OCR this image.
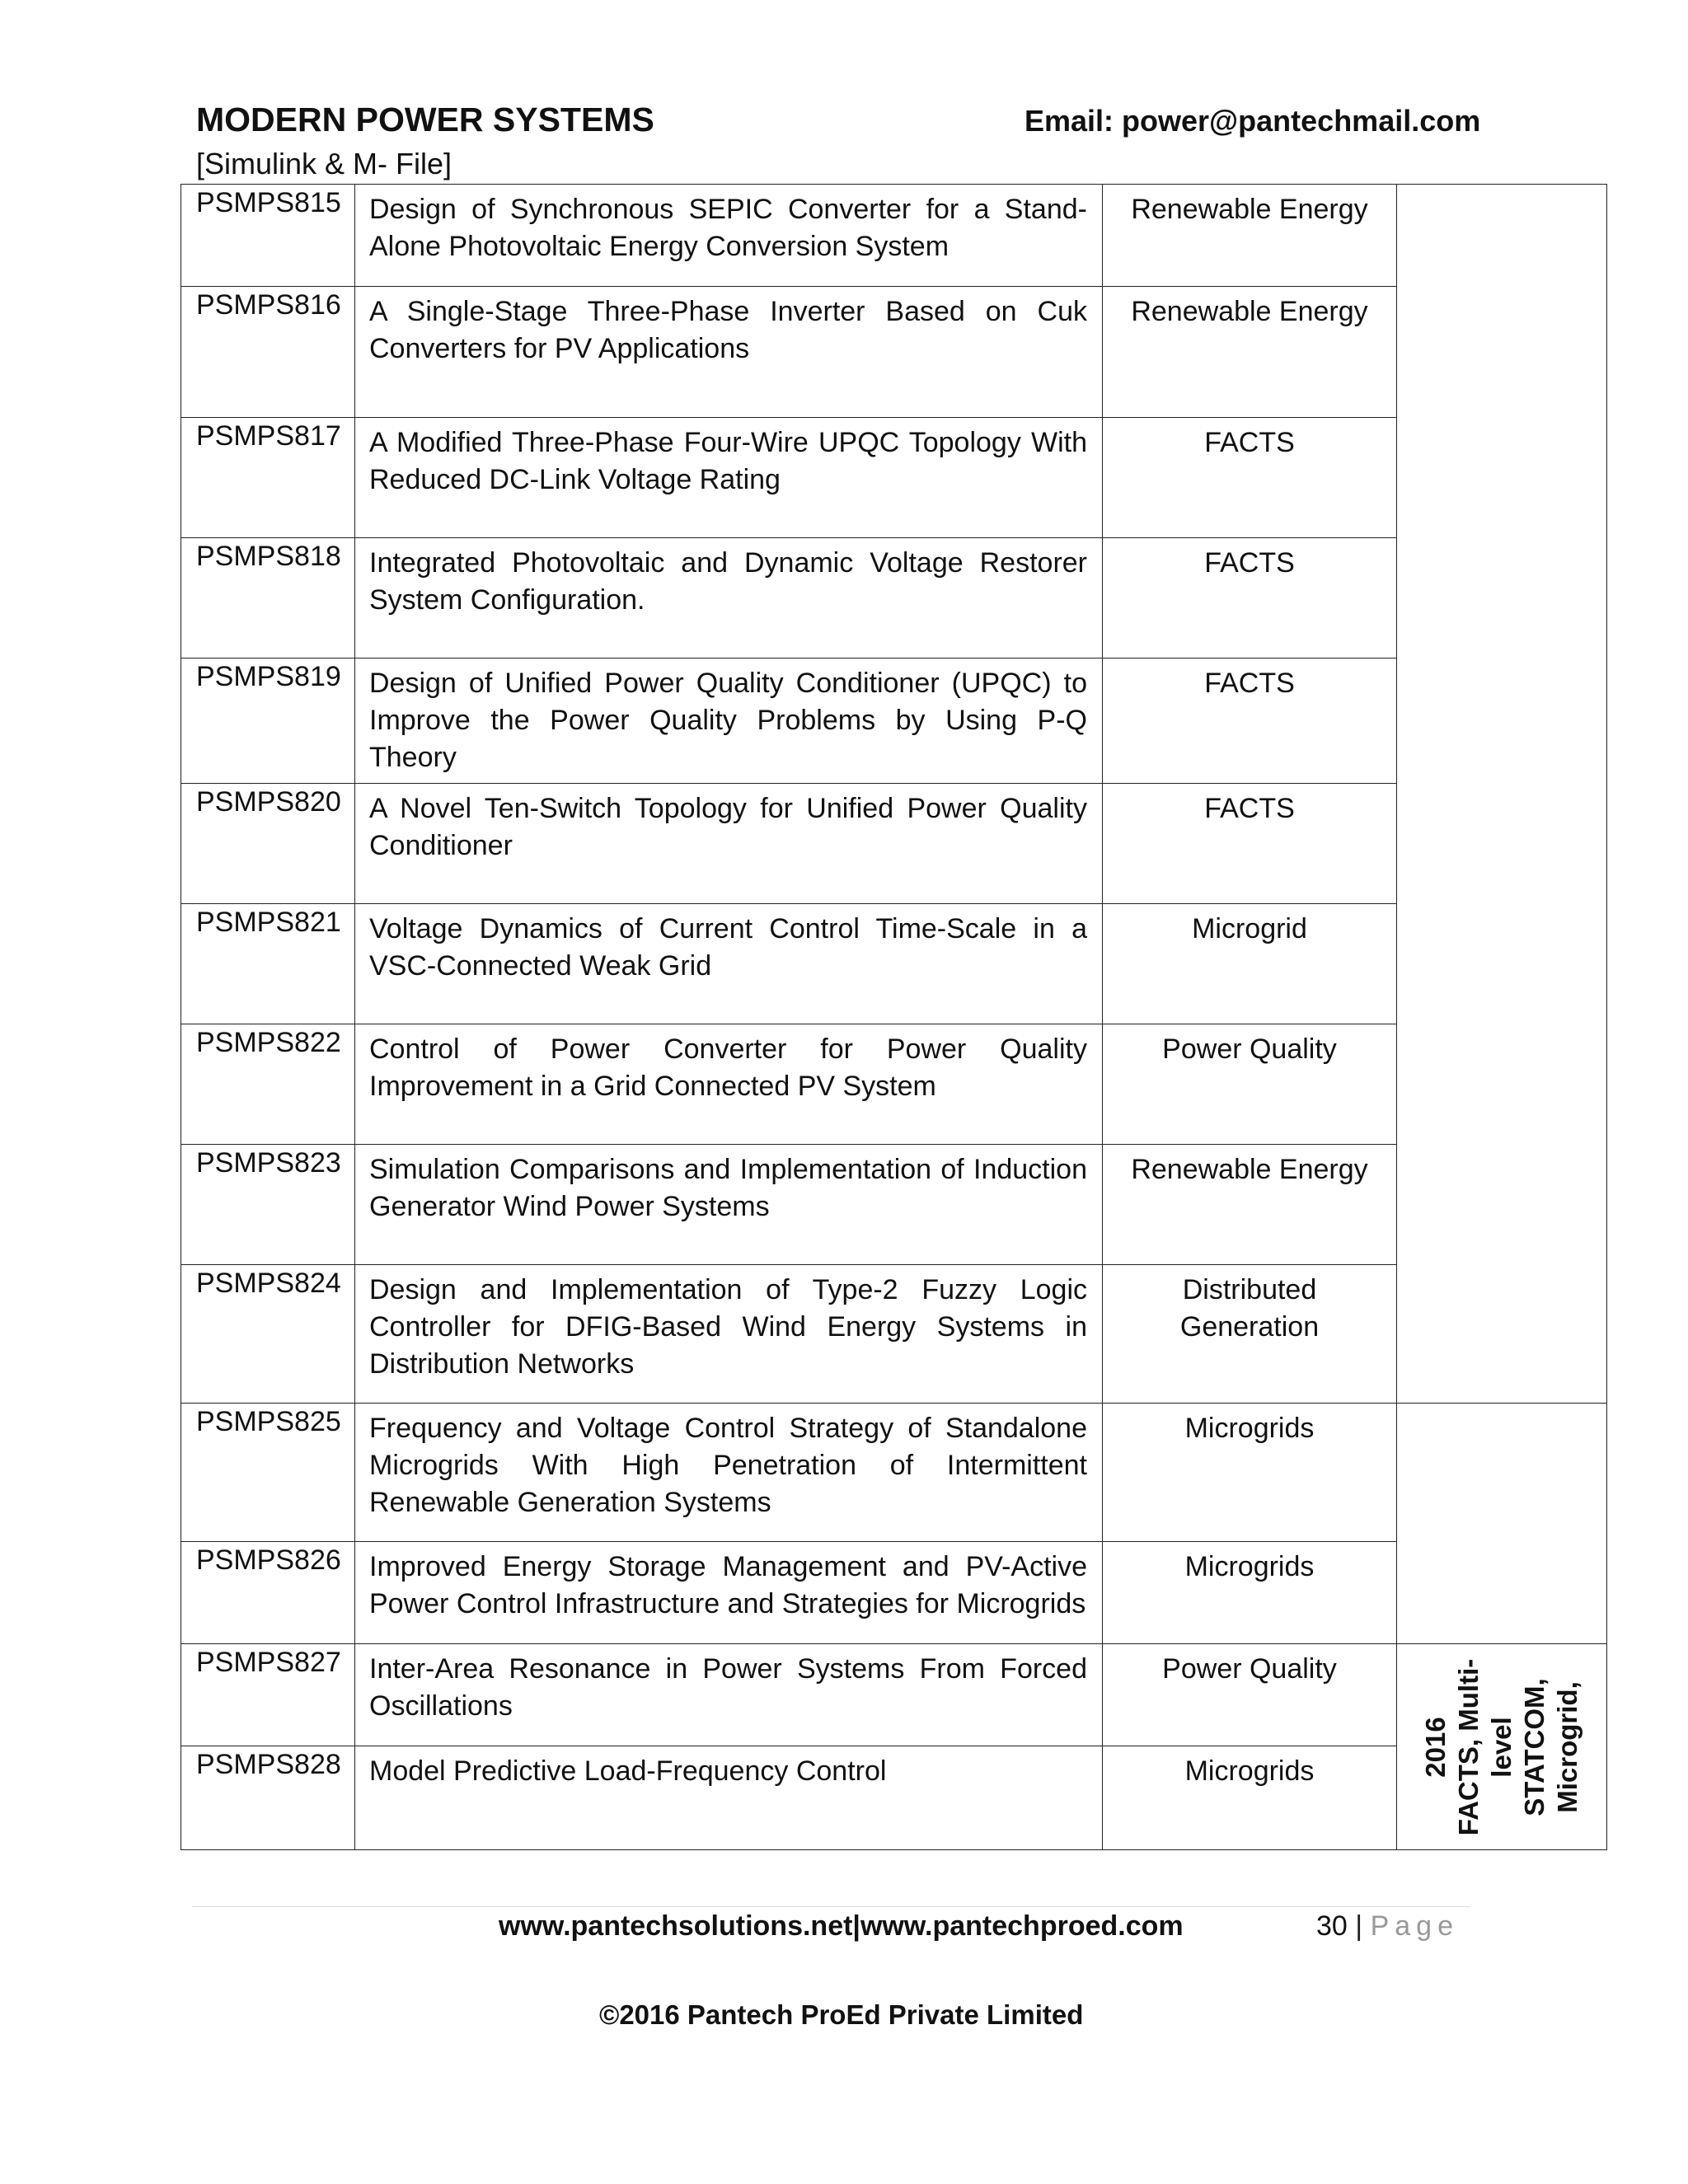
MODERN POWER SYSTEMS	Email: power@pantechmail.com
[Simulink & M- File]
PSMPS815	Design of Synchronous SEPIC Converter for a Stand-Alone Photovoltaic Energy Conversion System	Renewable Energy	
PSMPS816	A Single-Stage Three-Phase Inverter Based on Cuk Converters for PV Applications	Renewable Energy	
PSMPS817	A Modified Three-Phase Four-Wire UPQC Topology With Reduced DC-Link Voltage Rating	FACTS	
PSMPS818	Integrated Photovoltaic and Dynamic Voltage Restorer System Configuration.	FACTS	
PSMPS819	Design of Unified Power Quality Conditioner (UPQC) to Improve the Power Quality Problems by Using P-Q Theory	FACTS	
PSMPS820	A Novel Ten-Switch Topology for Unified Power Quality Conditioner	FACTS	
PSMPS821	Voltage Dynamics of Current Control Time-Scale in a VSC-Connected Weak Grid	Microgrid	
PSMPS822	Control of Power Converter for Power Quality Improvement in a Grid Connected PV System	Power Quality	
PSMPS823	Simulation Comparisons and Implementation of Induction Generator Wind Power Systems	Renewable Energy	
PSMPS824	Design and Implementation of Type-2 Fuzzy Logic Controller for DFIG-Based Wind Energy Systems in Distribution Networks	Distributed Generation	
PSMPS825	Frequency and Voltage Control Strategy of Standalone Microgrids With High Penetration of Intermittent Renewable Generation Systems	Microgrids	
PSMPS826	Improved Energy Storage Management and PV-Active Power Control Infrastructure and Strategies for Microgrids	Microgrids	
PSMPS827	Inter-Area Resonance in Power Systems From Forced Oscillations	Power Quality	2016 FACTS, Multi- level STATCOM, Microgrid,

PSMPS828	Model Predictive Load-Frequency Control	Microgrids	
www.pantechsolutions.net|www.pantechproed.com	30 | Page
©2016 Pantech ProEd Private Limited
